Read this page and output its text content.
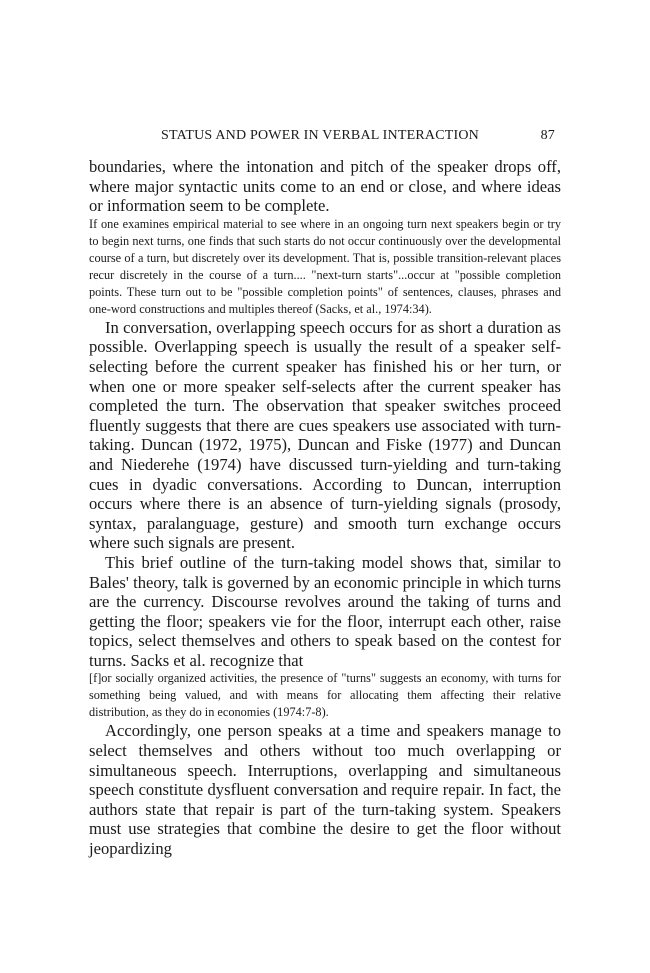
STATUS AND POWER IN VERBAL INTERACTION	87

boundaries, where the intonation and pitch of the speaker drops off, where major syntactic units come to an end or close, and where ideas or information seem to be complete.

If one examines empirical material to see where in an ongoing turn next speakers begin or try to begin next turns, one finds that such starts do not occur continuously over the developmental course of a turn, but discretely over its development. That is, possible transition-relevant places recur discretely in the course of a turn.... "next-turn starts"...occur at "possible completion points. These turn out to be "possible completion points" of sentences, clauses, phrases and one-word constructions and multiples thereof (Sacks, et al., 1974:34).

In conversation, overlapping speech occurs for as short a duration as possible. Overlapping speech is usually the result of a speaker self-selecting before the current speaker has finished his or her turn, or when one or more speaker self-selects after the current speaker has completed the turn. The observation that speaker switches proceed fluently suggests that there are cues speakers use associated with turn-taking. Duncan (1972, 1975), Duncan and Fiske (1977) and Duncan and Niederehe (1974) have discussed turn-yielding and turn-taking cues in dyadic conversations. According to Duncan, interruption occurs where there is an absence of turn-yielding signals (prosody, syntax, paralanguage, gesture) and smooth turn exchange occurs where such signals are present.

This brief outline of the turn-taking model shows that, similar to Bales' theory, talk is governed by an economic principle in which turns are the currency. Discourse revolves around the taking of turns and getting the floor; speakers vie for the floor, interrupt each other, raise topics, select themselves and others to speak based on the contest for turns. Sacks et al. recognize that

[f]or socially organized activities, the presence of "turns" suggests an economy, with turns for something being valued, and with means for allocating them affecting their relative distribution, as they do in economies (1974:7-8).

Accordingly, one person speaks at a time and speakers manage to select themselves and others without too much overlapping or simultaneous speech. Interruptions, overlapping and simultaneous speech constitute dysfluent conversation and require repair. In fact, the authors state that repair is part of the turn-taking system. Speakers must use strategies that combine the desire to get the floor without jeopardizing
